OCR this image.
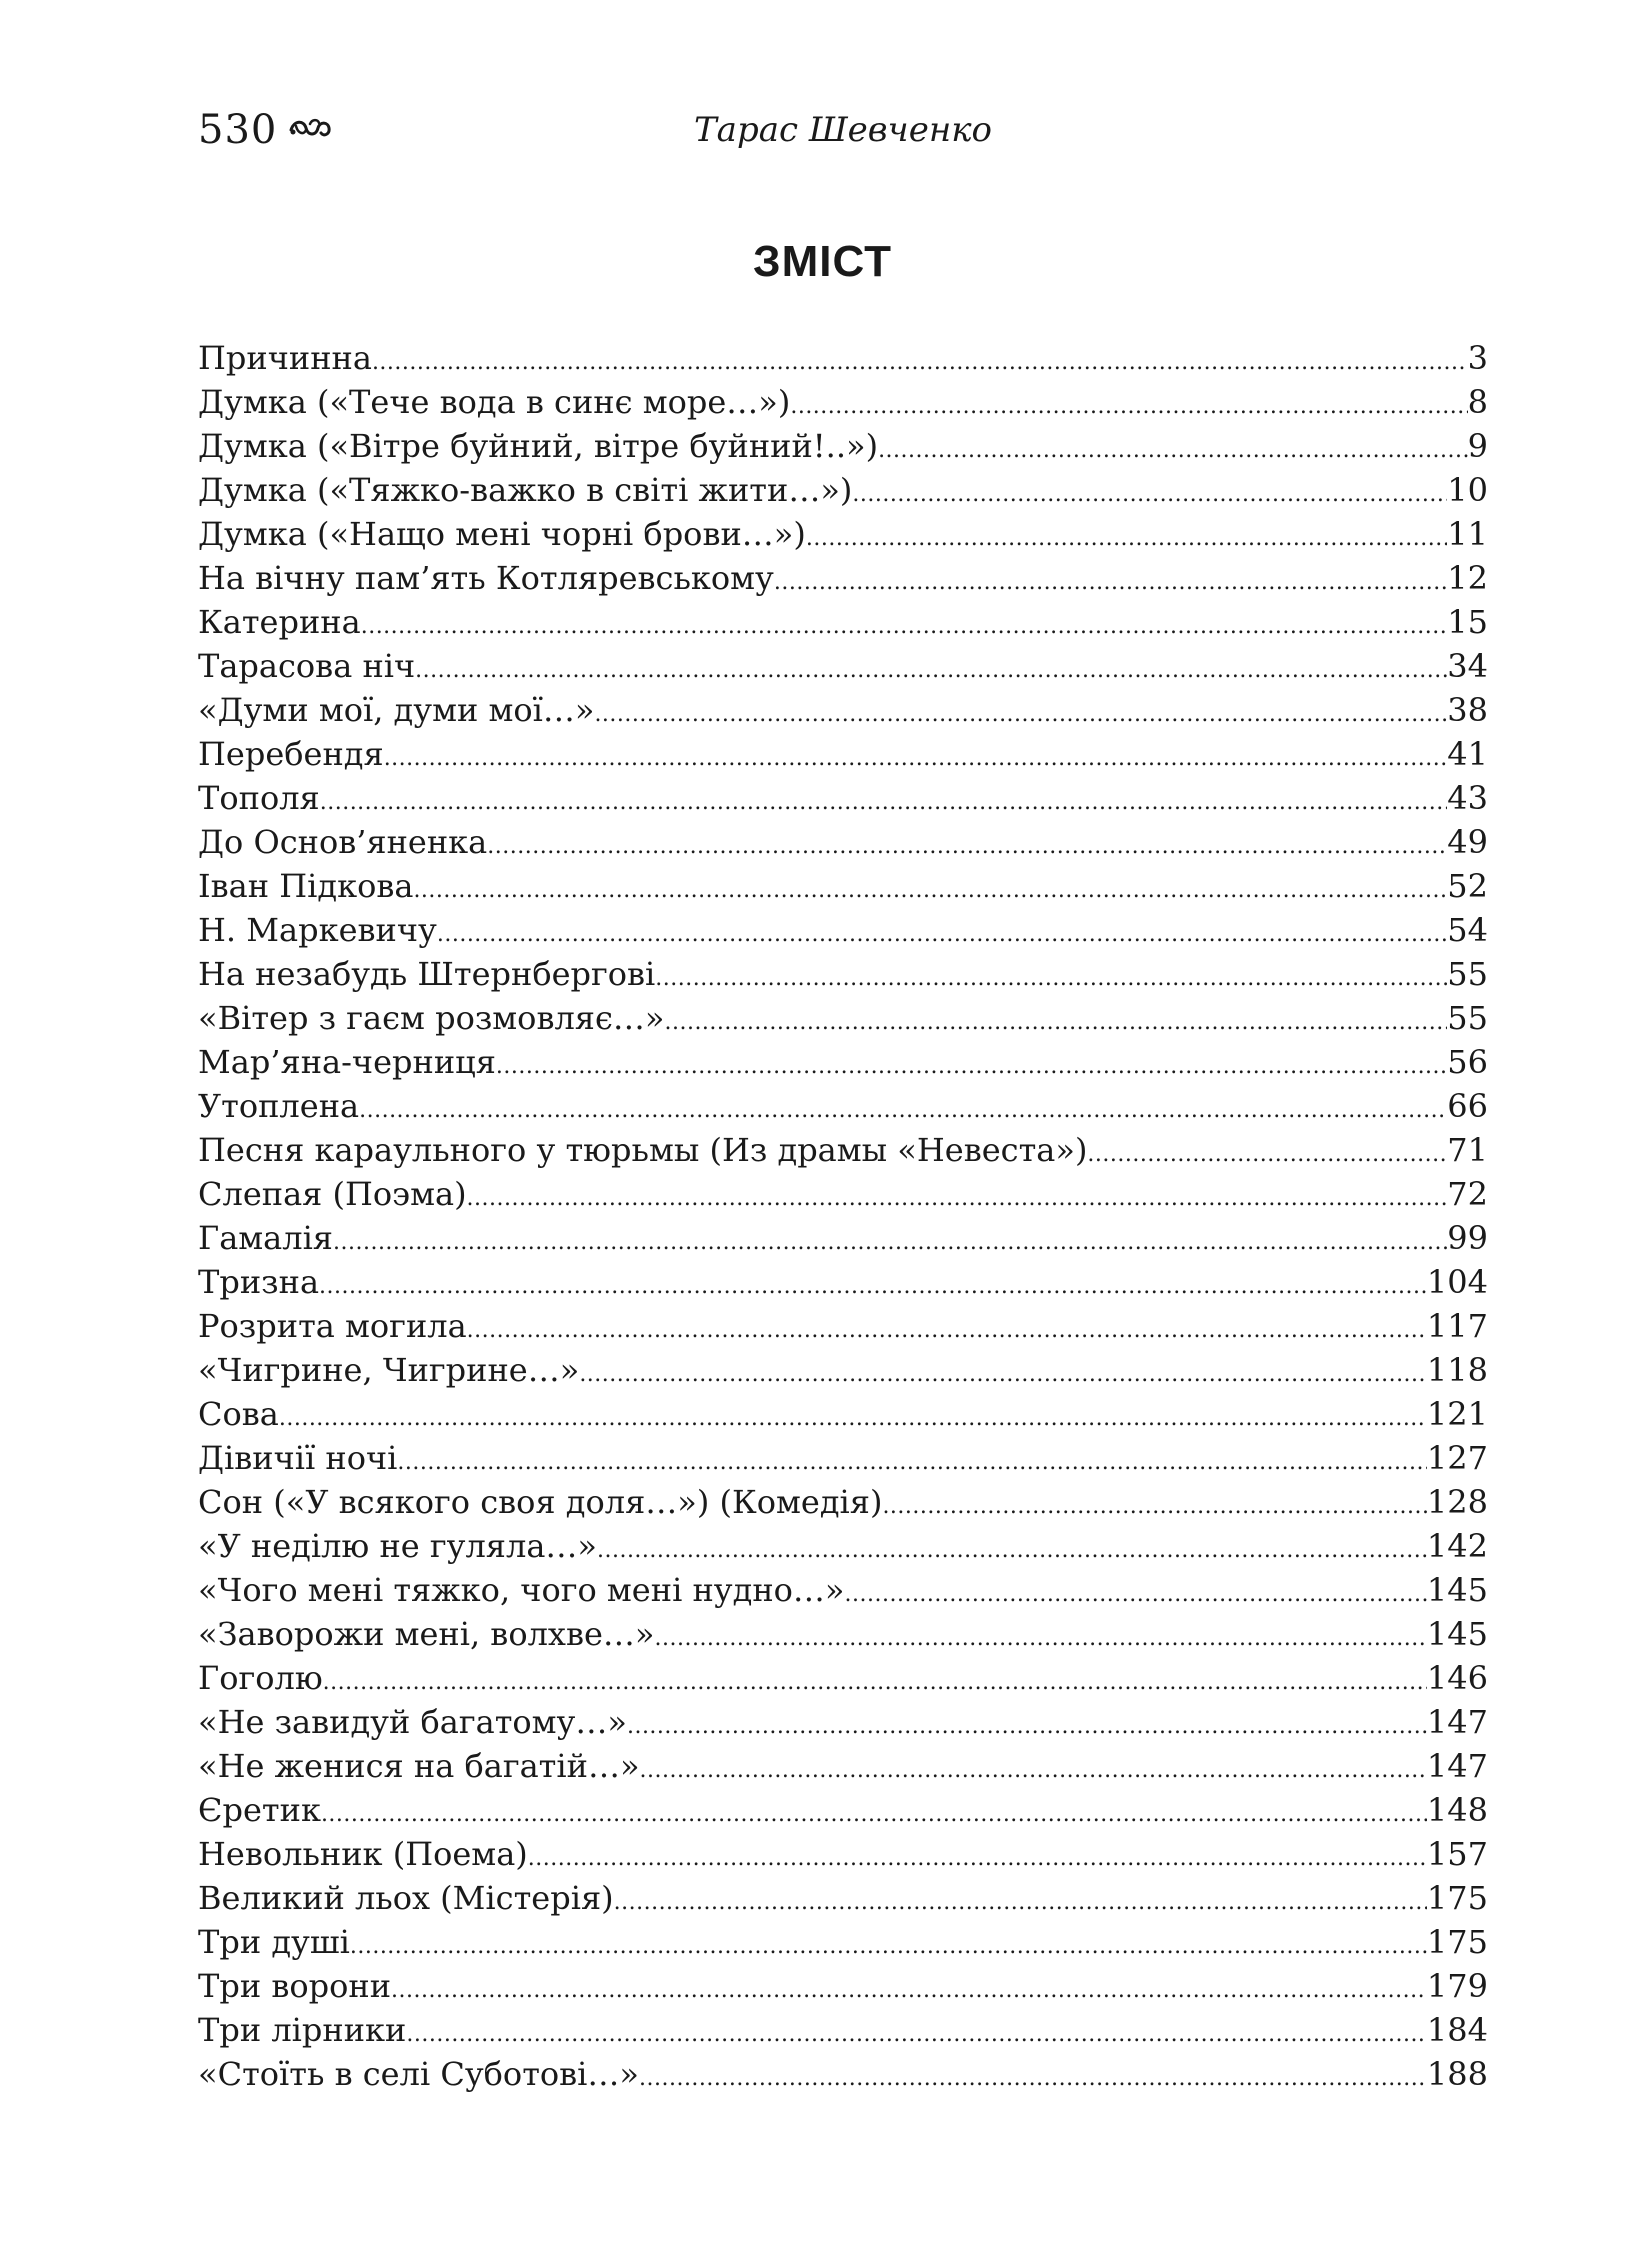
530	Тарас Шевченко
ЗМІСТ
Причинна .....	3
Думка («Тече вода в синє море…») .....	8
Думка («Вітре буйний, вітре буйний!..») .....	9
Думка («Тяжко-важко в світі жити…») .....	10
Думка («Нащо мені чорні брови…») .....	11
На вічну пам’ять Котляревському .....	12
Катерина .....	15
Тарасова ніч .....	34
«Думи мої, думи мої…» .....	38
Перебендя .....	41
Тополя .....	43
До Основ’яненка .....	49
Іван Підкова .....	52
Н. Маркевичу .....	54
На незабудь Штернбергові .....	55
«Вітер з гаєм розмовляє…» .....	55
Мар’яна-черниця .....	56
Утоплена .....	66
Песня караульного у тюрьмы (Из драмы «Невеста») .....	71
Слепая (Поэма) .....	72
Гамалія .....	99
Тризна .....	104
Розрита могила .....	117
«Чигрине, Чигрине…» .....	118
Сова .....	121
Дівичії ночі .....	127
Сон («У всякого своя доля…») (Комедія) .....	128
«У неділю не гуляла…» .....	142
«Чого мені тяжко, чого мені нудно…» .....	145
«Заворожи мені, волхве…» .....	145
Гоголю .....	146
«Не завидуй багатому…» .....	147
«Не женися на багатій…» .....	147
Єретик .....	148
Невольник (Поема) .....	157
Великий льох (Містерія) .....	175
Три душі .....	175
Три ворони .....	179
Три лірники .....	184
«Стоїть в селі Суботові…» .....	188
